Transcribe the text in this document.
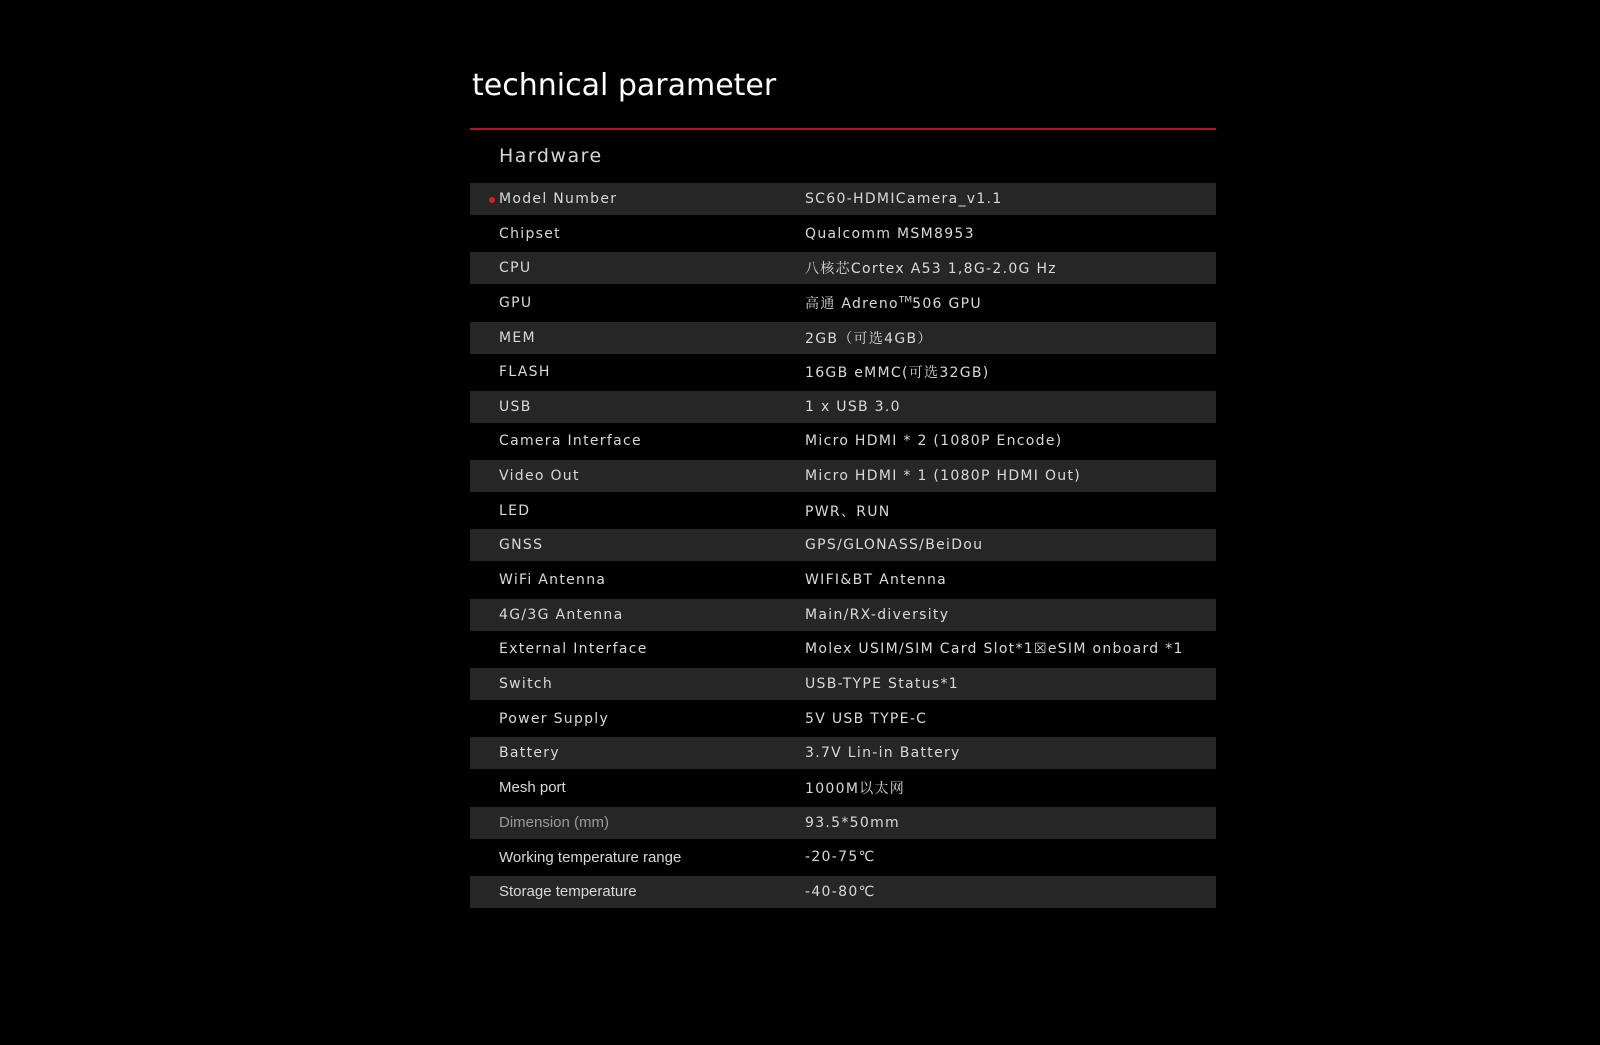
technical parameter
Hardware
Model Number	SC60-HDMICamera_v1.1
Chipset	Qualcomm MSM8953
CPU	八核芯Cortex A53 1,8G-2.0G Hz
GPU	高通 Adreno™506 GPU
MEM	2GB（可选4GB）
FLASH	16GB eMMC(可选32GB)
USB	1 x USB 3.0
Camera Interface	Micro HDMI * 2 (1080P Encode)
Video Out	Micro HDMI * 1 (1080P HDMI Out)
LED	PWR、RUN
GNSS	GPS/GLONASS/BeiDou
WiFi Antenna	WIFI&BT Antenna
4G/3G Antenna	Main/RX-diversity
External Interface	Molex USIM/SIM Card Slot*1☒eSIM onboard *1
Switch	USB-TYPE Status*1
Power Supply	5V USB TYPE-C
Battery	3.7V Lin-in Battery
Mesh port	1000M以太网
Dimension (mm)	93.5*50mm
Working temperature range	-20-75℃
Storage temperature	-40-80℃
